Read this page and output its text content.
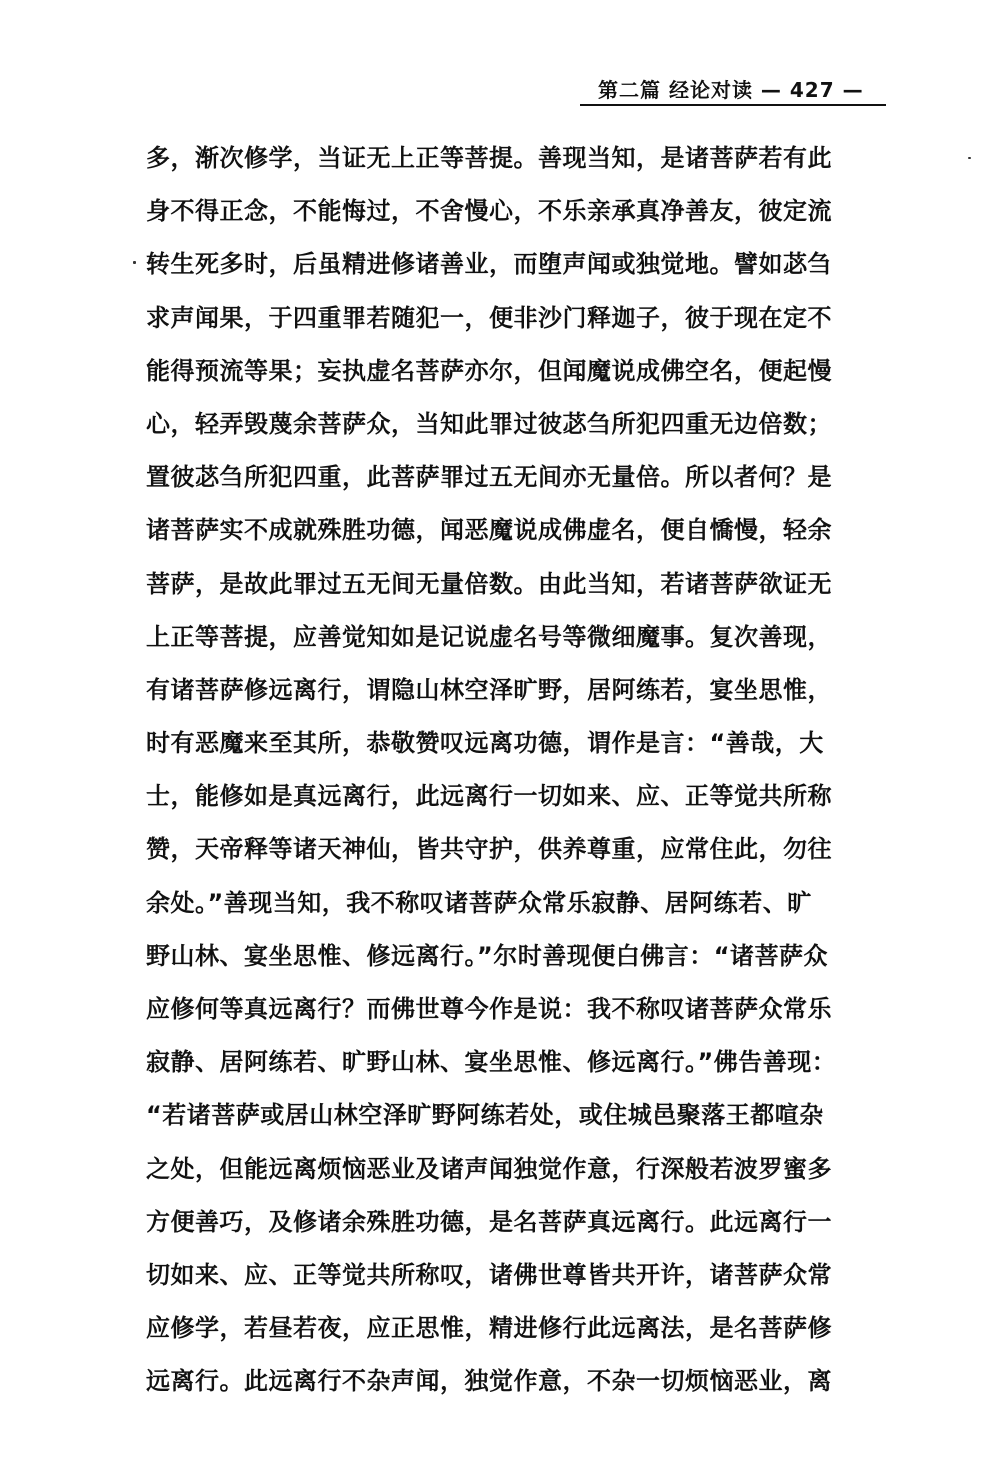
第二篇 经论对读 — 427 —
多，渐次修学，当证无上正等菩提。善现当知，是诸菩萨若有此
身不得正念，不能悔过，不舍慢心，不乐亲承真净善友，彼定流
转生死多时，后虽精进修诸善业，而堕声闻或独觉地。譬如苾刍
求声闻果，于四重罪若随犯一，便非沙门释迦子，彼于现在定不
能得预流等果；妄执虚名菩萨亦尔，但闻魔说成佛空名，便起慢
心，轻弄毁蔑余菩萨众，当知此罪过彼苾刍所犯四重无边倍数；
置彼苾刍所犯四重，此菩萨罪过五无间亦无量倍。所以者何？是
诸菩萨实不成就殊胜功德，闻恶魔说成佛虚名，便自憍慢，轻余
菩萨，是故此罪过五无间无量倍数。由此当知，若诸菩萨欲证无
上正等菩提，应善觉知如是记说虚名号等微细魔事。复次善现，
有诸菩萨修远离行，谓隐山林空泽旷野，居阿练若，宴坐思惟，
时有恶魔来至其所，恭敬赞叹远离功德，谓作是言：“善哉，大
士，能修如是真远离行，此远离行一切如来、应、正等觉共所称
赞，天帝释等诸天神仙，皆共守护，供养尊重，应常住此，勿往
余处。”善现当知，我不称叹诸菩萨众常乐寂静、居阿练若、旷
野山林、宴坐思惟、修远离行。”尔时善现便白佛言：“诸菩萨众
应修何等真远离行？而佛世尊今作是说：我不称叹诸菩萨众常乐
寂静、居阿练若、旷野山林、宴坐思惟、修远离行。”佛告善现：
“若诸菩萨或居山林空泽旷野阿练若处，或住城邑聚落王都喧杂
之处，但能远离烦恼恶业及诸声闻独觉作意，行深般若波罗蜜多
方便善巧，及修诸余殊胜功德，是名菩萨真远离行。此远离行一
切如来、应、正等觉共所称叹，诸佛世尊皆共开许，诸菩萨众常
应修学，若昼若夜，应正思惟，精进修行此远离法，是名菩萨修
远离行。此远离行不杂声闻，独觉作意，不杂一切烦恼恶业，离
